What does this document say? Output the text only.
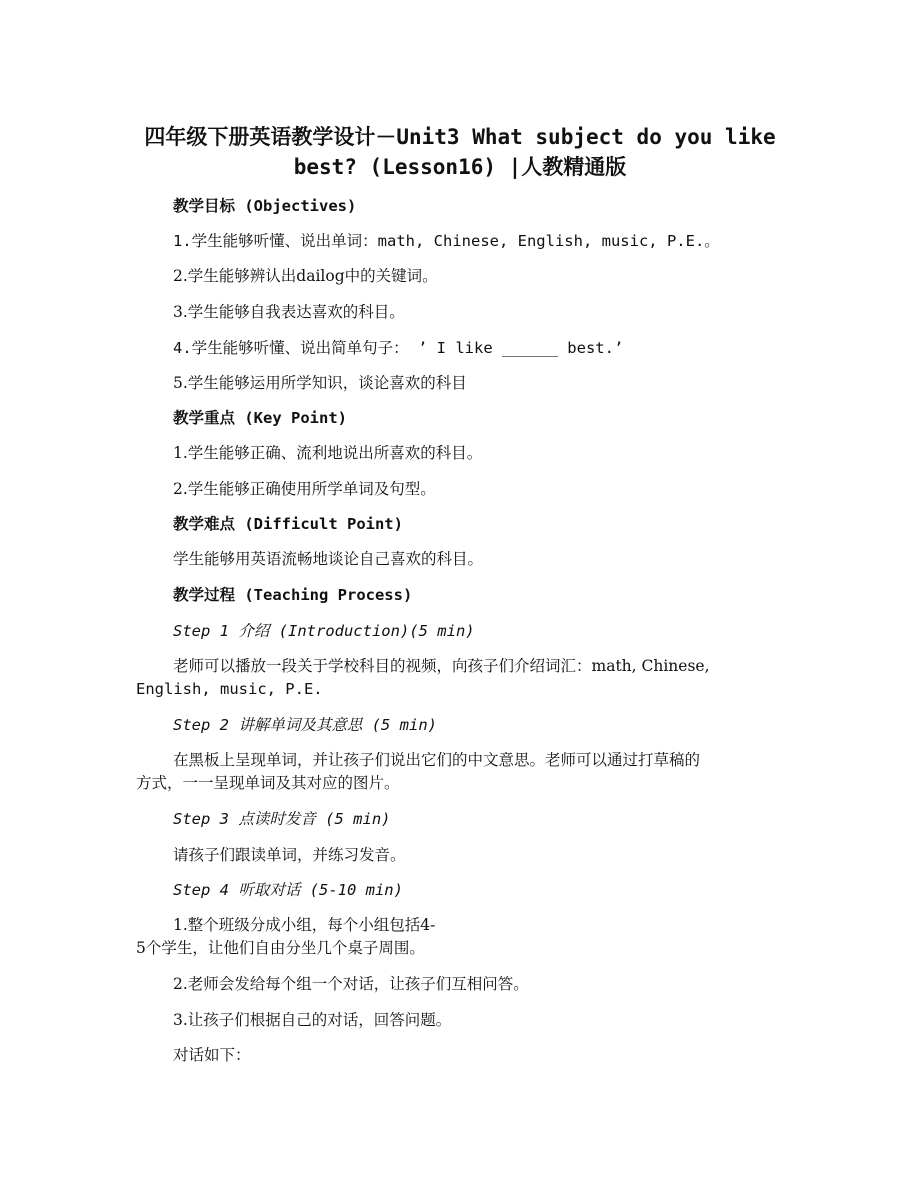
四年级下册英语教学设计－Unit3 What subject do you like
best? (Lesson16) |人教精通版
教学目标 (Objectives)
1.学生能够听懂、说出单词：math, Chinese, English, music, P.E.。
2.学生能够辨认出dailog中的关键词。
3.学生能够自我表达喜欢的科目。
4.学生能够听懂、说出简单句子： ’ I like ______ best.’
5.学生能够运用所学知识，谈论喜欢的科目
教学重点 (Key Point)
1.学生能够正确、流利地说出所喜欢的科目。
2.学生能够正确使用所学单词及句型。
教学难点 (Difficult Point)
学生能够用英语流畅地谈论自己喜欢的科目。
教学过程 (Teaching Process)
Step 1 介绍 (Introduction)(5 min)
老师可以播放一段关于学校科目的视频，向孩子们介绍词汇：math, Chinese,
English, music, P.E.
Step 2 讲解单词及其意思 (5 min)
在黑板上呈现单词，并让孩子们说出它们的中文意思。老师可以通过打草稿的
方式，一一呈现单词及其对应的图片。
Step 3 点读时发音 (5 min)
请孩子们跟读单词，并练习发音。
Step 4 听取对话 (5-10 min)
1.整个班级分成小组，每个小组包括4-
5个学生，让他们自由分坐几个桌子周围。
2.老师会发给每个组一个对话，让孩子们互相问答。
3.让孩子们根据自己的对话，回答问题。
对话如下：
